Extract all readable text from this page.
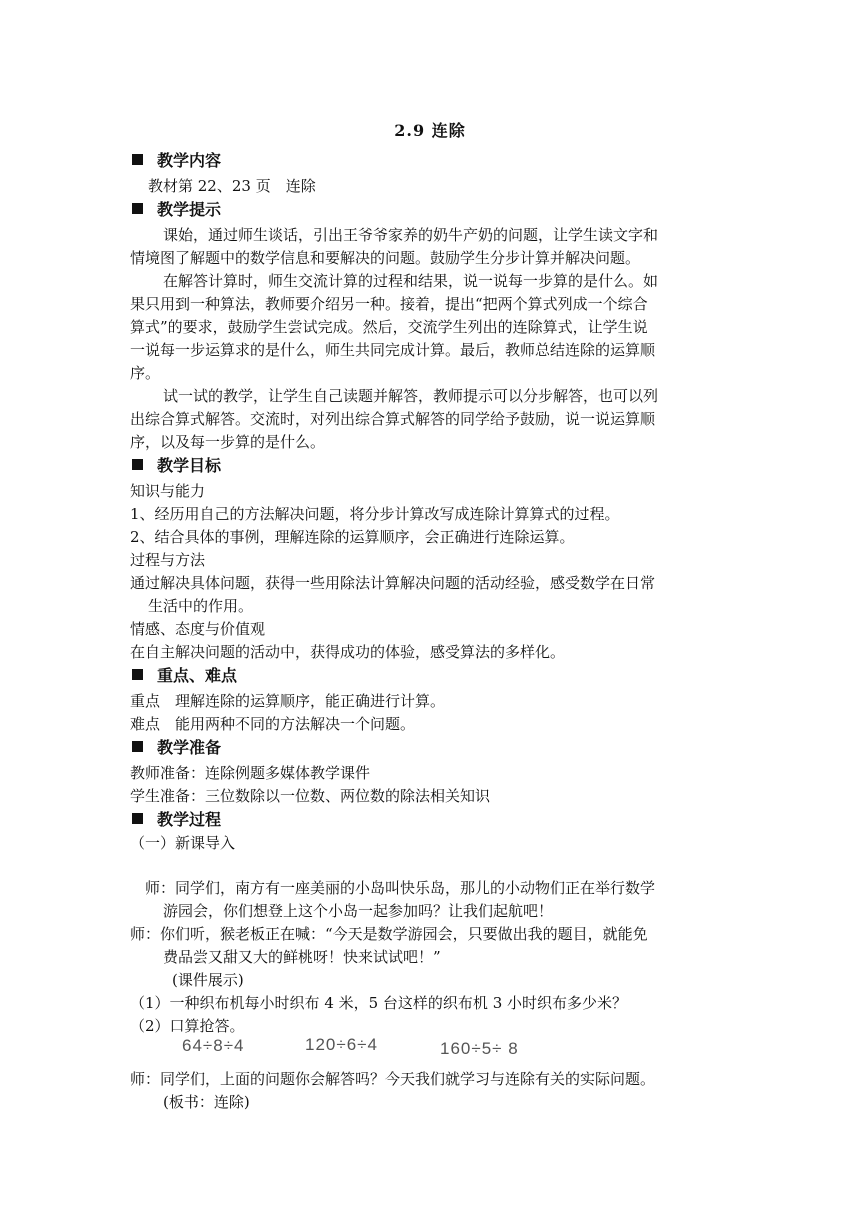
2.9 连除
教学内容
教材第 22、23 页　连除
教学提示
课始，通过师生谈话，引出王爷爷家养的奶牛产奶的问题，让学生读文字和
情境图了解题中的数学信息和要解决的问题。鼓励学生分步计算并解决问题。
在解答计算时，师生交流计算的过程和结果，说一说每一步算的是什么。如
果只用到一种算法，教师要介绍另一种。接着，提出“把两个算式列成一个综合
算式”的要求，鼓励学生尝试完成。然后，交流学生列出的连除算式，让学生说
一说每一步运算求的是什么，师生共同完成计算。最后，教师总结连除的运算顺
序。
试一试的教学，让学生自己读题并解答，教师提示可以分步解答，也可以列
出综合算式解答。交流时，对列出综合算式解答的同学给予鼓励，说一说运算顺
序，以及每一步算的是什么。
教学目标
知识与能力
1、经历用自己的方法解决问题，将分步计算改写成连除计算算式的过程。
2、结合具体的事例，理解连除的运算顺序，会正确进行连除运算。
过程与方法
通过解决具体问题，获得一些用除法计算解决问题的活动经验，感受数学在日常
生活中的作用。
情感、态度与价值观
在自主解决问题的活动中，获得成功的体验，感受算法的多样化。
重点、难点
重点　理解连除的运算顺序，能正确进行计算。
难点　能用两种不同的方法解决一个问题。
教学准备
教师准备：连除例题多媒体教学课件
学生准备：三位数除以一位数、两位数的除法相关知识
教学过程
（一）新课导入
师：同学们，南方有一座美丽的小岛叫快乐岛，那儿的小动物们正在举行数学
游园会，你们想登上这个小岛一起参加吗？让我们起航吧！
师：你们听，猴老板正在喊：“今天是数学游园会，只要做出我的题目，就能免
费品尝又甜又大的鲜桃呀！快来试试吧！”
(课件展示)
（1）一种织布机每小时织布 4 米，5 台这样的织布机 3 小时织布多少米？
（2）口算抢答。
64÷8÷4	120÷6÷4	160÷5÷ 8
师：同学们，上面的问题你会解答吗？今天我们就学习与连除有关的实际问题。
(板书：连除)
